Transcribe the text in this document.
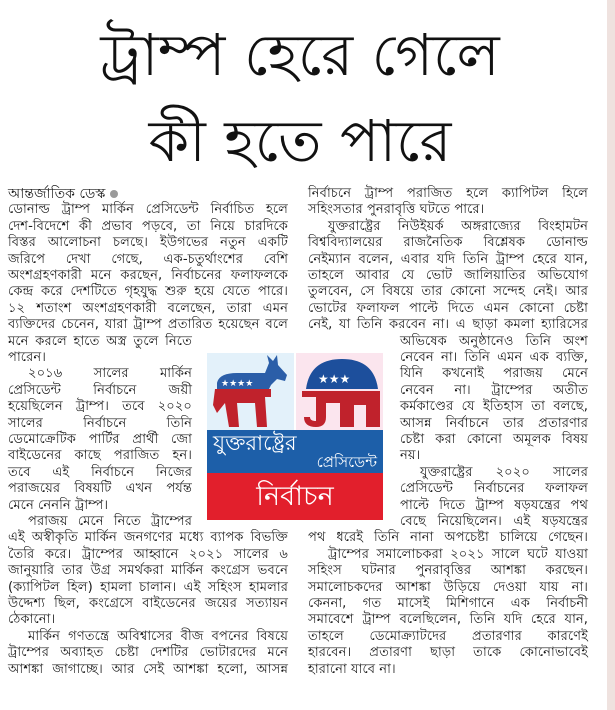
ট্রাম্প হেরে গেলে
কী হতে পারে
আন্তর্জাতিক ডেস্ক
ডোনাল্ড ট্রাম্প মার্কিন প্রেসিডেন্ট নির্বাচিত হলে
দেশ-বিদেশে কী প্রভাব পড়বে, তা নিয়ে চারদিকে
বিস্তর আলোচনা চলছে। ইউগভের নতুন একটি
জরিপে দেখা গেছে, এক-চতুর্থাংশের বেশি
অংশগ্রহণকারী মনে করছেন, নির্বাচনের ফলাফলকে
কেন্দ্র করে দেশটিতে গৃহযুদ্ধ শুরু হয়ে যেতে পারে।
১২ শতাংশ অংশগ্রহণকারী বলেছেন, তারা এমন
ব্যক্তিদের চেনেন, যারা ট্রাম্প প্রতারিত হয়েছেন বলে
মনে করলে হাতে অস্ত্র তুলে নিতে
পারেন।
২০১৬ সালের মার্কিন
প্রেসিডেন্ট নির্বাচনে জয়ী
হয়েছিলেন ট্রাম্প। তবে ২০২০
সালের নির্বাচনে তিনি
ডেমোক্রেটিক পার্টির প্রার্থী জো
বাইডেনের কাছে পরাজিত হন।
তবে এই নির্বাচনে নিজের
পরাজয়ের বিষয়টি এখন পর্যন্ত
মেনে নেননি ট্রাম্প।
পরাজয় মেনে নিতে ট্রাম্পের
এই অস্বীকৃতি মার্কিন জনগণের মধ্যে ব্যাপক বিভক্তি
তৈরি করে। ট্রাম্পের আহ্বানে ২০২১ সালের ৬
জানুয়ারি তার উগ্র সমর্থকরা মার্কিন কংগ্রেস ভবনে
(ক্যাপিটল হিল) হামলা চালান। এই সহিংস হামলার
উদ্দেশ্য ছিল, কংগ্রেসে বাইডেনের জয়ের সত্যায়ন
ঠেকানো।
মার্কিন গণতন্ত্রে অবিশ্বাসের বীজ বপনের বিষয়ে
ট্রাম্পের অব্যাহত চেষ্টা দেশটির ভোটারদের মনে
আশঙ্কা জাগাচ্ছে। আর সেই আশঙ্কা হলো, আসন্ন
নির্বাচনে ট্রাম্প পরাজিত হলে ক্যাপিটল হিলে
সহিংসতার পুনরাবৃত্তি ঘটতে পারে।
যুক্তরাষ্ট্রের নিউইয়র্ক অঙ্গরাজ্যের বিংহামটন
বিশ্ববিদ্যালয়ের রাজনৈতিক বিশ্লেষক ডোনাল্ড
নেইম্যান বলেন, এবার যদি তিনি ট্রাম্প হেরে যান,
তাহলে আবার যে ভোট জালিয়াতির অভিযোগ
তুলবেন, সে বিষয়ে তার কোনো সন্দেহ নেই। আর
ভোটের ফলাফল পাল্টে দিতে এমন কোনো চেষ্টা
নেই, যা তিনি করবেন না। এ ছাড়া কমলা হ্যারিসের
অভিষেক অনুষ্ঠানেও তিনি অংশ
নেবেন না। তিনি এমন এক ব্যক্তি,
যিনি কখনোই পরাজয় মেনে
নেবেন না। ট্রাম্পের অতীত
কর্মকাণ্ডের যে ইতিহাস তা বলছে,
আসন্ন নির্বাচনে তার প্রতারণার
চেষ্টা করা কোনো অমূলক বিষয়
নয়।
যুক্তরাষ্ট্রের ২০২০ সালের
প্রেসিডেন্ট নির্বাচনের ফলাফল
পাল্টে দিতে ট্রাম্প ষড়যন্ত্রের পথ
বেছে নিয়েছিলেন। এই ষড়যন্ত্রের
পথ ধরেই তিনি নানা অপচেষ্টা চালিয়ে গেছেন।
ট্রাম্পের সমালোচকরা ২০২১ সালে ঘটে যাওয়া
সহিংস ঘটনার পুনরাবৃত্তির আশঙ্কা করছেন।
সমালোচকদের আশঙ্কা উড়িয়ে দেওয়া যায় না।
কেননা, গত মাসেই মিশিগানে এক নির্বাচনী
সমাবেশে ট্রাম্প বলেছিলেন, তিনি যদি হেরে যান,
তাহলে ডেমোক্র্যাটদের প্রতারণার কারণেই
হারবেন। প্রতারণা ছাড়া তাকে কোনোভাবেই
হারানো যাবে না।
★★★★	★★★
যুক্তরাষ্ট্রের
প্রেসিডেন্ট
নির্বাচন
